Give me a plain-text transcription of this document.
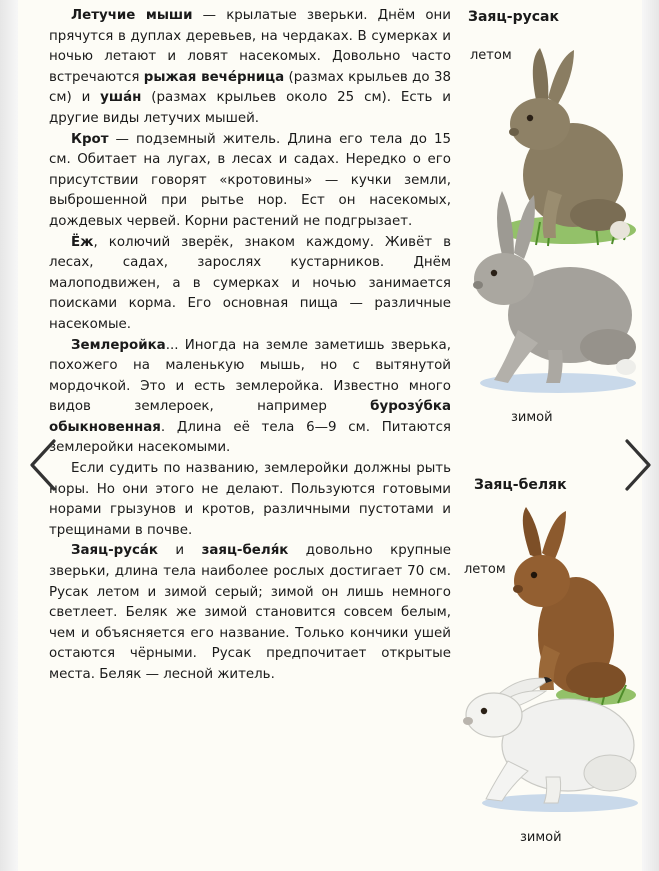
Летучие мыши — крылатые зверьки. Днём они прячутся в дуплах деревьев, на чердаках. В сумерках и ночью летают и ловят насекомых. Довольно часто встречаются рыжая вече́рница (размах крыльев до 38 см) и уша́н (размах крыльев около 25 см). Есть и другие виды летучих мышей.

Крот — подземный житель. Длина его тела до 15 см. Обитает на лугах, в лесах и садах. Нередко о его присутствии говорят «кротовины» — кучки земли, выброшенной при рытье нор. Ест он насекомых, дождевых червей. Корни растений не подгрызает.

Ёж, колючий зверёк, знаком каждому. Живёт в лесах, садах, зарослях кустарников. Днём малоподвижен, а в сумерках и ночью занимается поисками корма. Его основная пища — различные насекомые.

Землеройка... Иногда на земле заметишь зверька, похожего на маленькую мышь, но с вытянутой мордочкой. Это и есть землеройка. Известно много видов землероек, например бурозу́бка обыкновенная. Длина её тела 6—9 см. Питаются землеройки насекомыми.

Если судить по названию, землеройки должны рыть норы. Но они этого не делают. Пользуются готовыми норами грызунов и кротов, различными пустотами и трещинами в почве.

Заяц-руса́к и заяц-беля́к довольно крупные зверьки, длина тела наиболее рослых достигает 70 см. Русак летом и зимой серый; зимой он лишь немного светлеет. Беляк же зимой становится совсем белым, чем и объясняется его название. Только кончики ушей остаются чёрными. Русак предпочитает открытые места. Беляк — лесной житель.

Заяц-русак
летом
зимой
Заяц-беляк
летом
зимой
